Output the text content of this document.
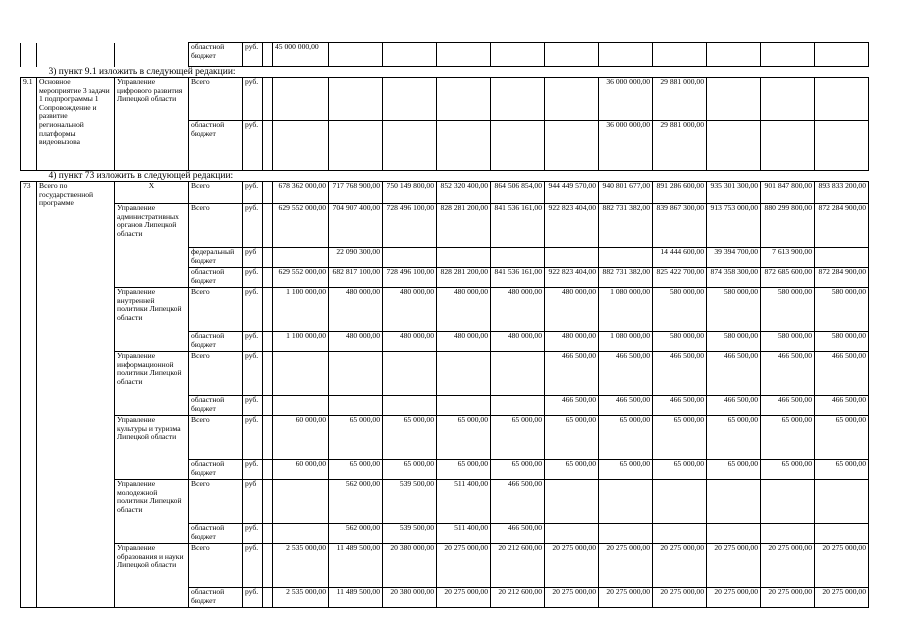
			областной бюджет	руб.		45 000 000,00										
3) пункт 9.1 изложить в следующей редакции:																
9.1	Основное мероприятие 3 задачи 1 подпрограммы 1 Сопровождение и развитие региональной платформы видеовызова	Управление цифрового развития Липецкой области	Всего	руб.								36 000 000,00	29 881 000,00			
			областной бюджет	руб.								36 000 000,00	29 881 000,00			
4) пункт 73 изложить в следующей редакции:																
73	Всего по государственной программе	X	Всего	руб.		678 362 000,00	717 768 900,00	750 149 800,00	852 320 400,00	864 506 854,00	944 449 570,00	940 801 677,00	891 286 600,00	935 301 300,00	901 847 800,00	893 833 200,00
		Управление административных органов Липецкой области	Всего	руб.		629 552 000,00	704 907 400,00	728 496 100,00	828 281 200,00	841 536 161,00	922 823 404,00	882 731 382,00	839 867 300,00	913 753 000,00	880 299 800,00	872 284 900,00
			федеральный бюджет	руб			22 090 300,00						14 444 600,00	39 394 700,00	7 613 900,00	
			областной бюджет	руб.		629 552 000,00	682 817 100,00	728 496 100,00	828 281 200,00	841 536 161,00	922 823 404,00	882 731 382,00	825 422 700,00	874 358 300,00	872 685 600,00	872 284 900,00
		Управление внутренней политики Липецкой области	Всего	руб.		1 100 000,00	480 000,00	480 000,00	480 000,00	480 000,00	480 000,00	1 080 000,00	580 000,00	580 000,00	580 000,00	580 000,00
			областной бюджет	руб.		1 100 000,00	480 000,00	480 000,00	480 000,00	480 000,00	480 000,00	1 080 000,00	580 000,00	580 000,00	580 000,00	580 000,00
		Управление информационной политики Липецкой области	Всего	руб.							466 500,00	466 500,00	466 500,00	466 500,00	466 500,00	466 500,00
			областной бюджет	руб.							466 500,00	466 500,00	466 500,00	466 500,00	466 500,00	466 500,00
		Управление культуры и туризма Липецкой области	Всего	руб.		60 000,00	65 000,00	65 000,00	65 000,00	65 000,00	65 000,00	65 000,00	65 000,00	65 000,00	65 000,00	65 000,00
			областной бюджет	руб.		60 000,00	65 000,00	65 000,00	65 000,00	65 000,00	65 000,00	65 000,00	65 000,00	65 000,00	65 000,00	65 000,00
		Управление молодежной политики Липецкой области	Всего	руб			562 000,00	539 500,00	511 400,00	466 500,00						
			областной бюджет	руб.			562 000,00	539 500,00	511 400,00	466 500,00						
		Управление образования и науки Липецкой области	Всего	руб.		2 535 000,00	11 489 500,00	20 380 000,00	20 275 000,00	20 212 600,00	20 275 000,00	20 275 000,00	20 275 000,00	20 275 000,00	20 275 000,00	20 275 000,00
			областной бюджет	руб.		2 535 000,00	11 489 500,00	20 380 000,00	20 275 000,00	20 212 600,00	20 275 000,00	20 275 000,00	20 275 000,00	20 275 000,00	20 275 000,00	20 275 000,00
